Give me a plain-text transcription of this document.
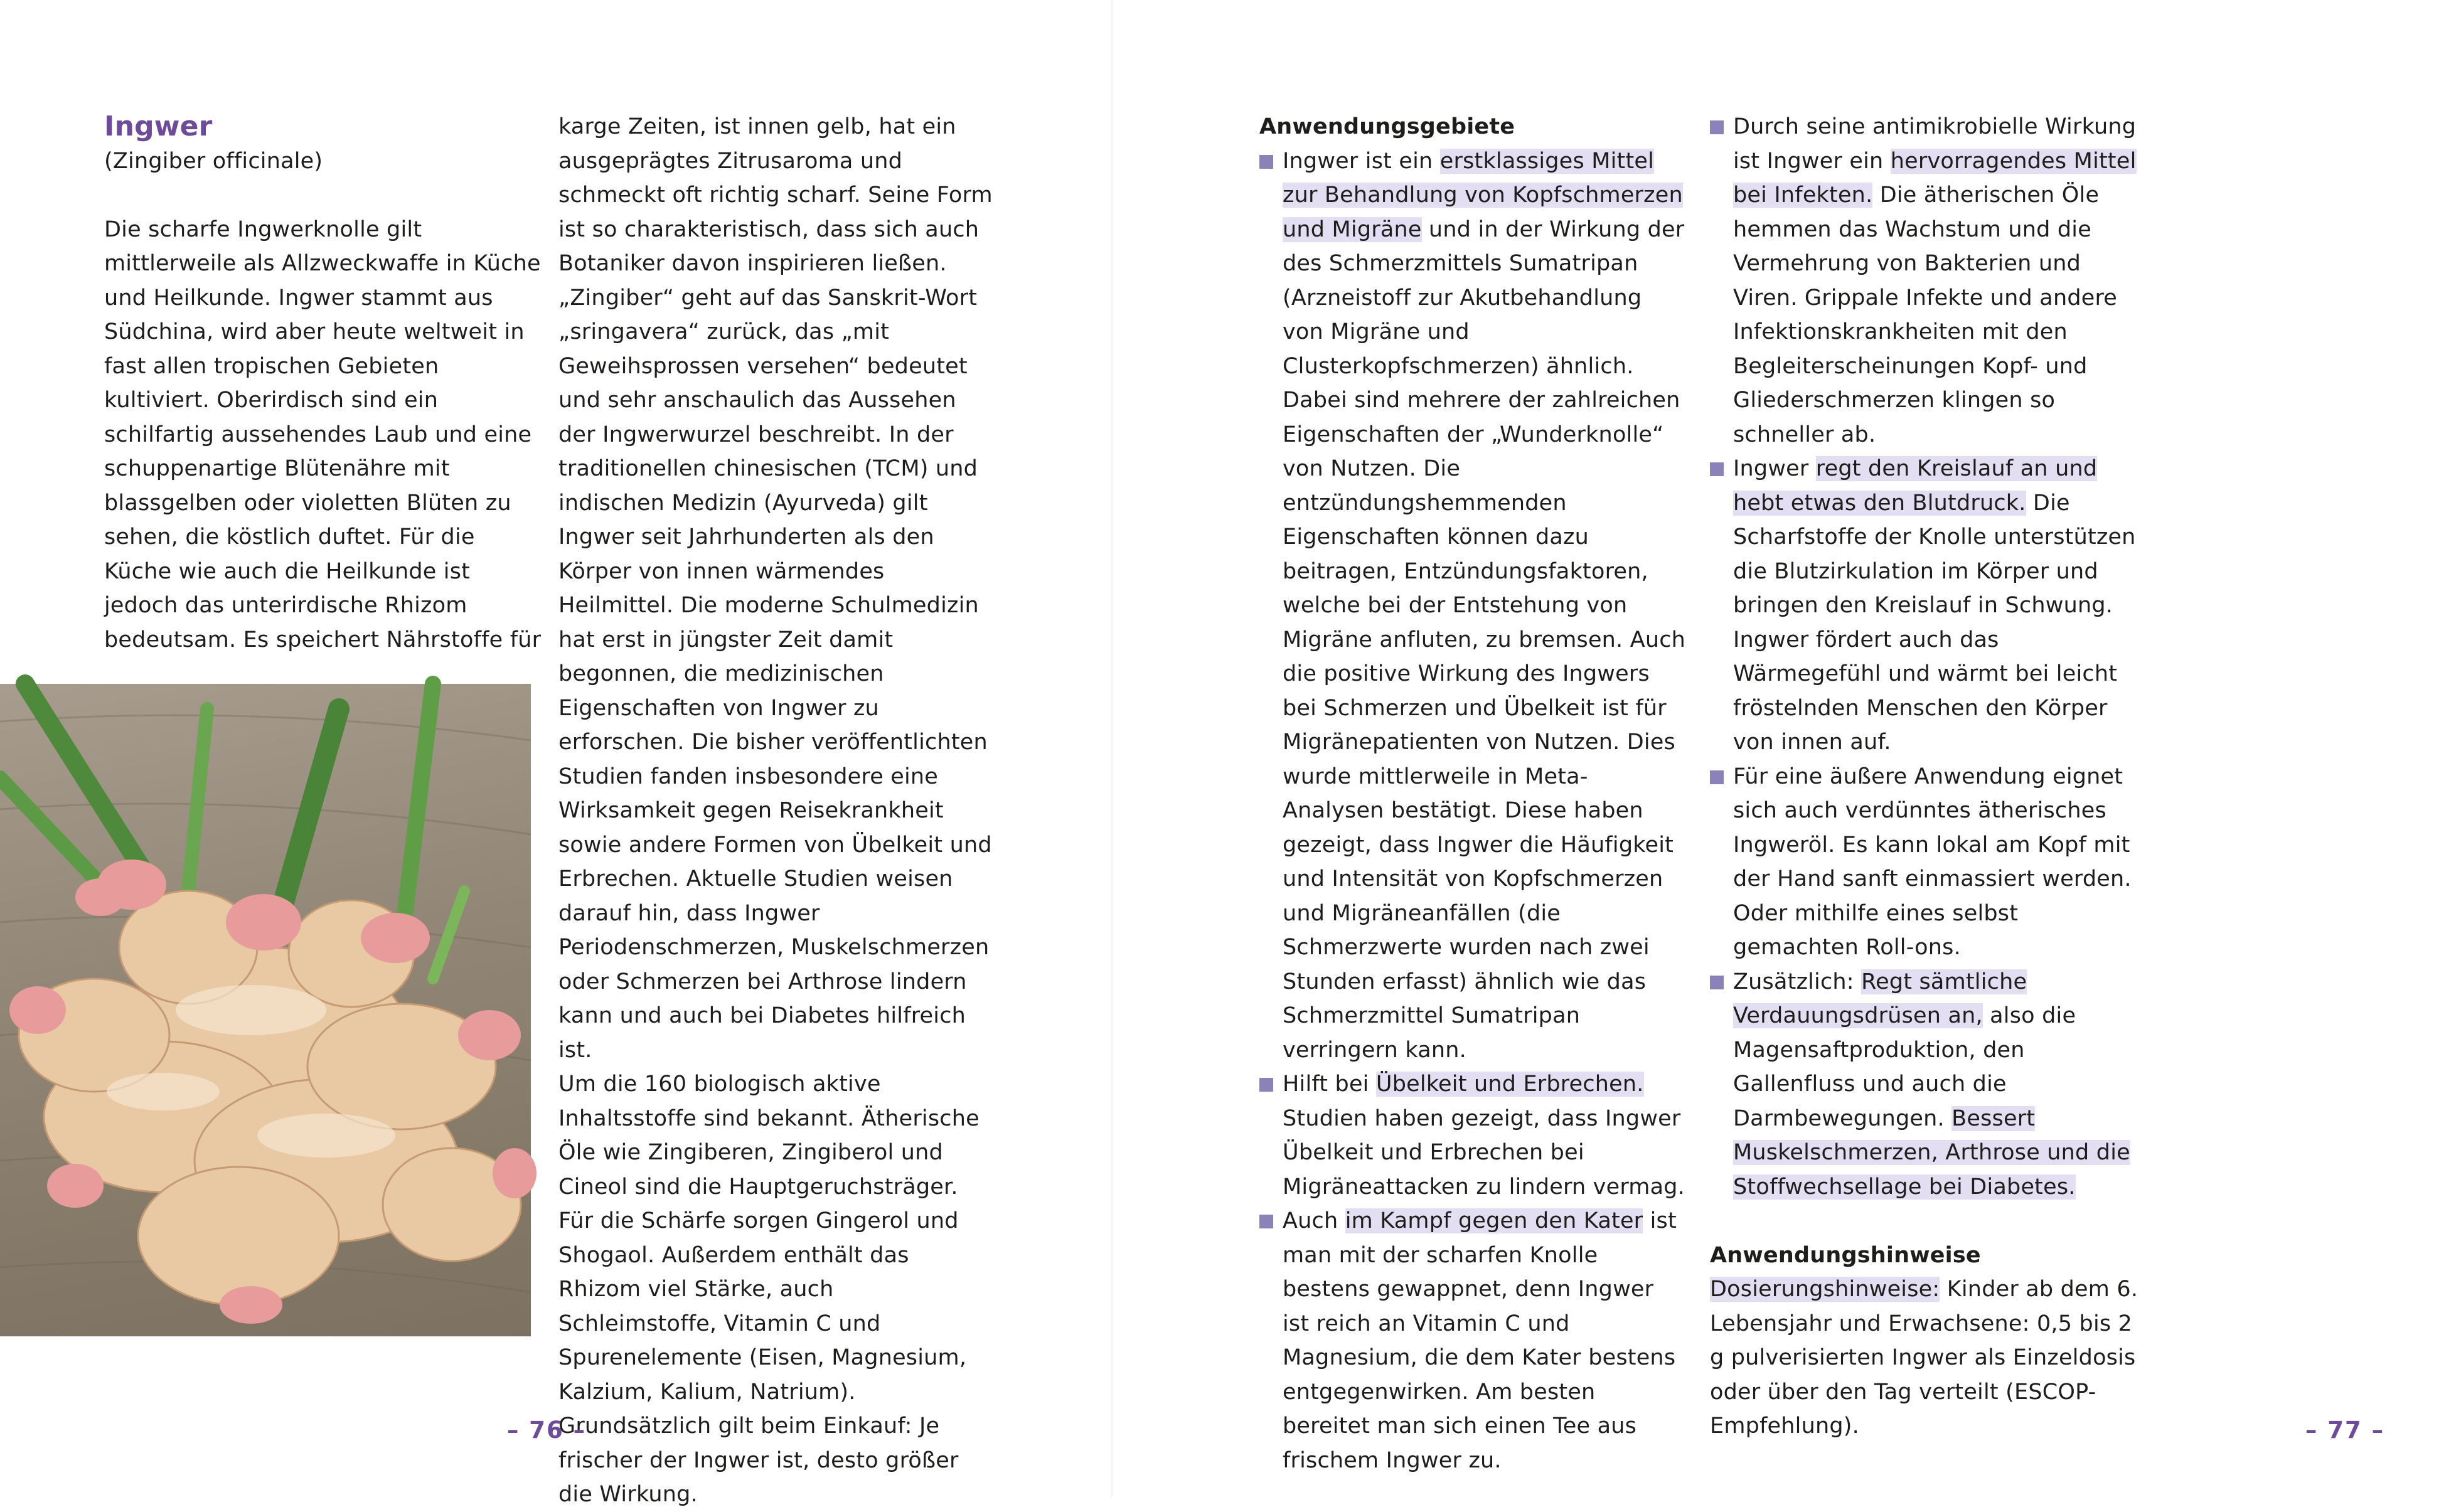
Ingwer

(Zingiber officinale)

Die scharfe Ingwerknolle gilt mittlerweile als Allzweckwaffe in Küche und Heilkunde. Ingwer stammt aus Südchina, wird aber heute weltweit in fast allen tropischen Gebieten kultiviert. Oberirdisch sind ein schilfartig aussehendes Laub und eine schuppenartige Blütenähre mit blassgelben oder violetten Blüten zu sehen, die köstlich duftet. Für die Küche wie auch die Heilkunde ist jedoch das unterirdische Rhizom bedeutsam. Es speichert Nährstoffe für

karge Zeiten, ist innen gelb, hat ein ausgeprägtes Zitrusaroma und schmeckt oft richtig scharf. Seine Form ist so charakteristisch, dass sich auch Botaniker davon inspirieren ließen. „Zingiber“ geht auf das Sanskrit-Wort „sringavera“ zurück, das „mit Geweihsprossen versehen“ bedeutet und sehr anschaulich das Aussehen der Ingwerwurzel beschreibt. In der traditionellen chinesischen (TCM) und indischen Medizin (Ayurveda) gilt Ingwer seit Jahrhunderten als den Körper von innen wärmendes Heilmittel. Die moderne Schulmedizin hat erst in jüngster Zeit damit begonnen, die medizinischen Eigenschaften von Ingwer zu erforschen. Die bisher veröffentlichten Studien fanden insbesondere eine Wirksamkeit gegen Reisekrankheit sowie andere Formen von Übelkeit und Erbrechen. Aktuelle Studien weisen darauf hin, dass Ingwer Periodenschmerzen, Muskelschmerzen oder Schmerzen bei Arthrose lindern kann und auch bei Diabetes hilfreich ist.

Um die 160 biologisch aktive Inhaltsstoffe sind bekannt. Ätherische Öle wie Zingiberen, Zingiberol und Cineol sind die Hauptgeruchsträger. Für die Schärfe sorgen Gingerol und Shogaol. Außerdem enthält das Rhizom viel Stärke, auch Schleimstoffe, Vitamin C und Spurenelemente (Eisen, Magnesium, Kalzium, Kalium, Natrium). Grundsätzlich gilt beim Einkauf: Je frischer der Ingwer ist, desto größer die Wirkung.

– 76 –
Anwendungsgebiete
Ingwer ist ein erstklassiges Mittel zur Behandlung von Kopfschmerzen und Migräne und in der Wirkung der des Schmerzmittels Sumatripan (Arzneistoff zur Akutbehandlung von Migräne und Clusterkopfschmerzen) ähnlich. Dabei sind mehrere der zahlreichen Eigenschaften der „Wunderknolle“ von Nutzen. Die entzündungshemmenden Eigenschaften können dazu beitragen, Entzündungsfaktoren, welche bei der Entstehung von Migräne anfluten, zu bremsen. Auch die positive Wirkung des Ingwers bei Schmerzen und Übelkeit ist für Migränepatienten von Nutzen. Dies wurde mittlerweile in Meta-Analysen bestätigt. Diese haben gezeigt, dass Ingwer die Häufigkeit und Intensität von Kopfschmerzen und Migräneanfällen (die Schmerzwerte wurden nach zwei Stunden erfasst) ähnlich wie das Schmerzmittel Sumatripan verringern kann.
Hilft bei Übelkeit und Erbrechen. Studien haben gezeigt, dass Ingwer Übelkeit und Erbrechen bei Migräneattacken zu lindern vermag.
Auch im Kampf gegen den Kater ist man mit der scharfen Knolle bestens gewappnet, denn Ingwer ist reich an Vitamin C und Magnesium, die dem Kater bestens entgegenwirken. Am besten bereitet man sich einen Tee aus frischem Ingwer zu.
Durch seine antimikrobielle Wirkung ist Ingwer ein hervorragendes Mittel bei Infekten. Die ätherischen Öle hemmen das Wachstum und die Vermehrung von Bakterien und Viren. Grippale Infekte und andere Infektionskrankheiten mit den Begleiterscheinungen Kopf- und Gliederschmerzen klingen so schneller ab.
Ingwer regt den Kreislauf an und hebt etwas den Blutdruck. Die Scharfstoffe der Knolle unterstützen die Blutzirkulation im Körper und bringen den Kreislauf in Schwung. Ingwer fördert auch das Wärmegefühl und wärmt bei leicht fröstelnden Menschen den Körper von innen auf.
Für eine äußere Anwendung eignet sich auch verdünntes ätherisches Ingweröl. Es kann lokal am Kopf mit der Hand sanft einmassiert werden. Oder mithilfe eines selbst gemachten Roll-ons.
Zusätzlich: Regt sämtliche Verdauungsdrüsen an, also die Magensaftproduktion, den Gallenfluss und auch die Darmbewegungen. Bessert Muskelschmerzen, Arthrose und die Stoffwechsellage bei Diabetes.
Anwendungshinweise

Dosierungshinweise: Kinder ab dem 6. Lebensjahr und Erwachsene: 0,5 bis 2 g pulverisierten Ingwer als Einzeldosis oder über den Tag verteilt (ESCOP-Empfehlung).	– 77 –
